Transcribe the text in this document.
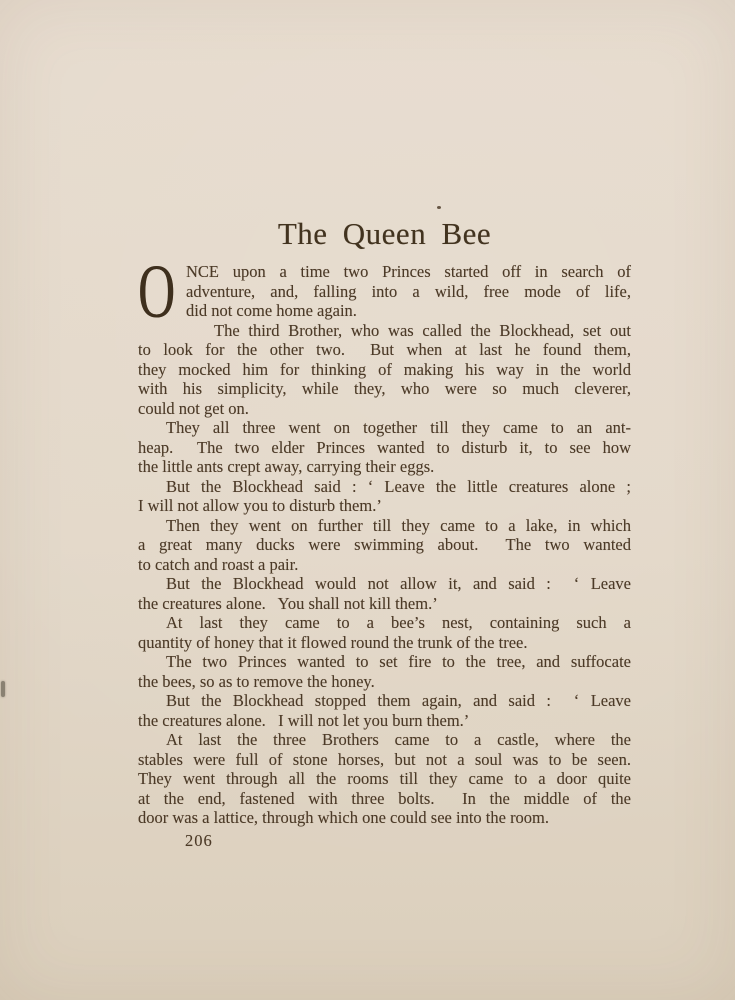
The Queen Bee
O NCE upon a time two Princes started off in search of
adventure, and, falling into a wild, free mode of life,
did not come home again.
The third Brother, who was called the Blockhead, set out
to look for the other two.  But when at last he found them,
they mocked him for thinking of making his way in the world
with his simplicity, while they, who were so much cleverer,
could not get on.
They all three went on together till they came to an ant-
heap.  The two elder Princes wanted to disturb it, to see how
the little ants crept away, carrying their eggs.
But the Blockhead said : ‘ Leave the little creatures alone ;
I will not allow you to disturb them.’
Then they went on further till they came to a lake, in which
a great many ducks were swimming about.  The two wanted
to catch and roast a pair.
But the Blockhead would not allow it, and said :  ‘ Leave
the creatures alone.   You shall not kill them.’
At  last  they  came  to  a  bee’s  nest,  containing  such  a
quantity of honey that it flowed round the trunk of the tree.
The two Princes wanted to set fire to the tree, and suffocate
the bees, so as to remove the honey.
But the Blockhead stopped them again, and said :  ‘ Leave
the creatures alone.   I will not let you burn them.’
At last the three Brothers came to a castle, where the
stables were full of stone horses, but not a soul was to be seen.
They went through all the rooms till they came to a door quite
at the end, fastened with three bolts.  In the middle of the
door was a lattice, through which one could see into the room.
206
